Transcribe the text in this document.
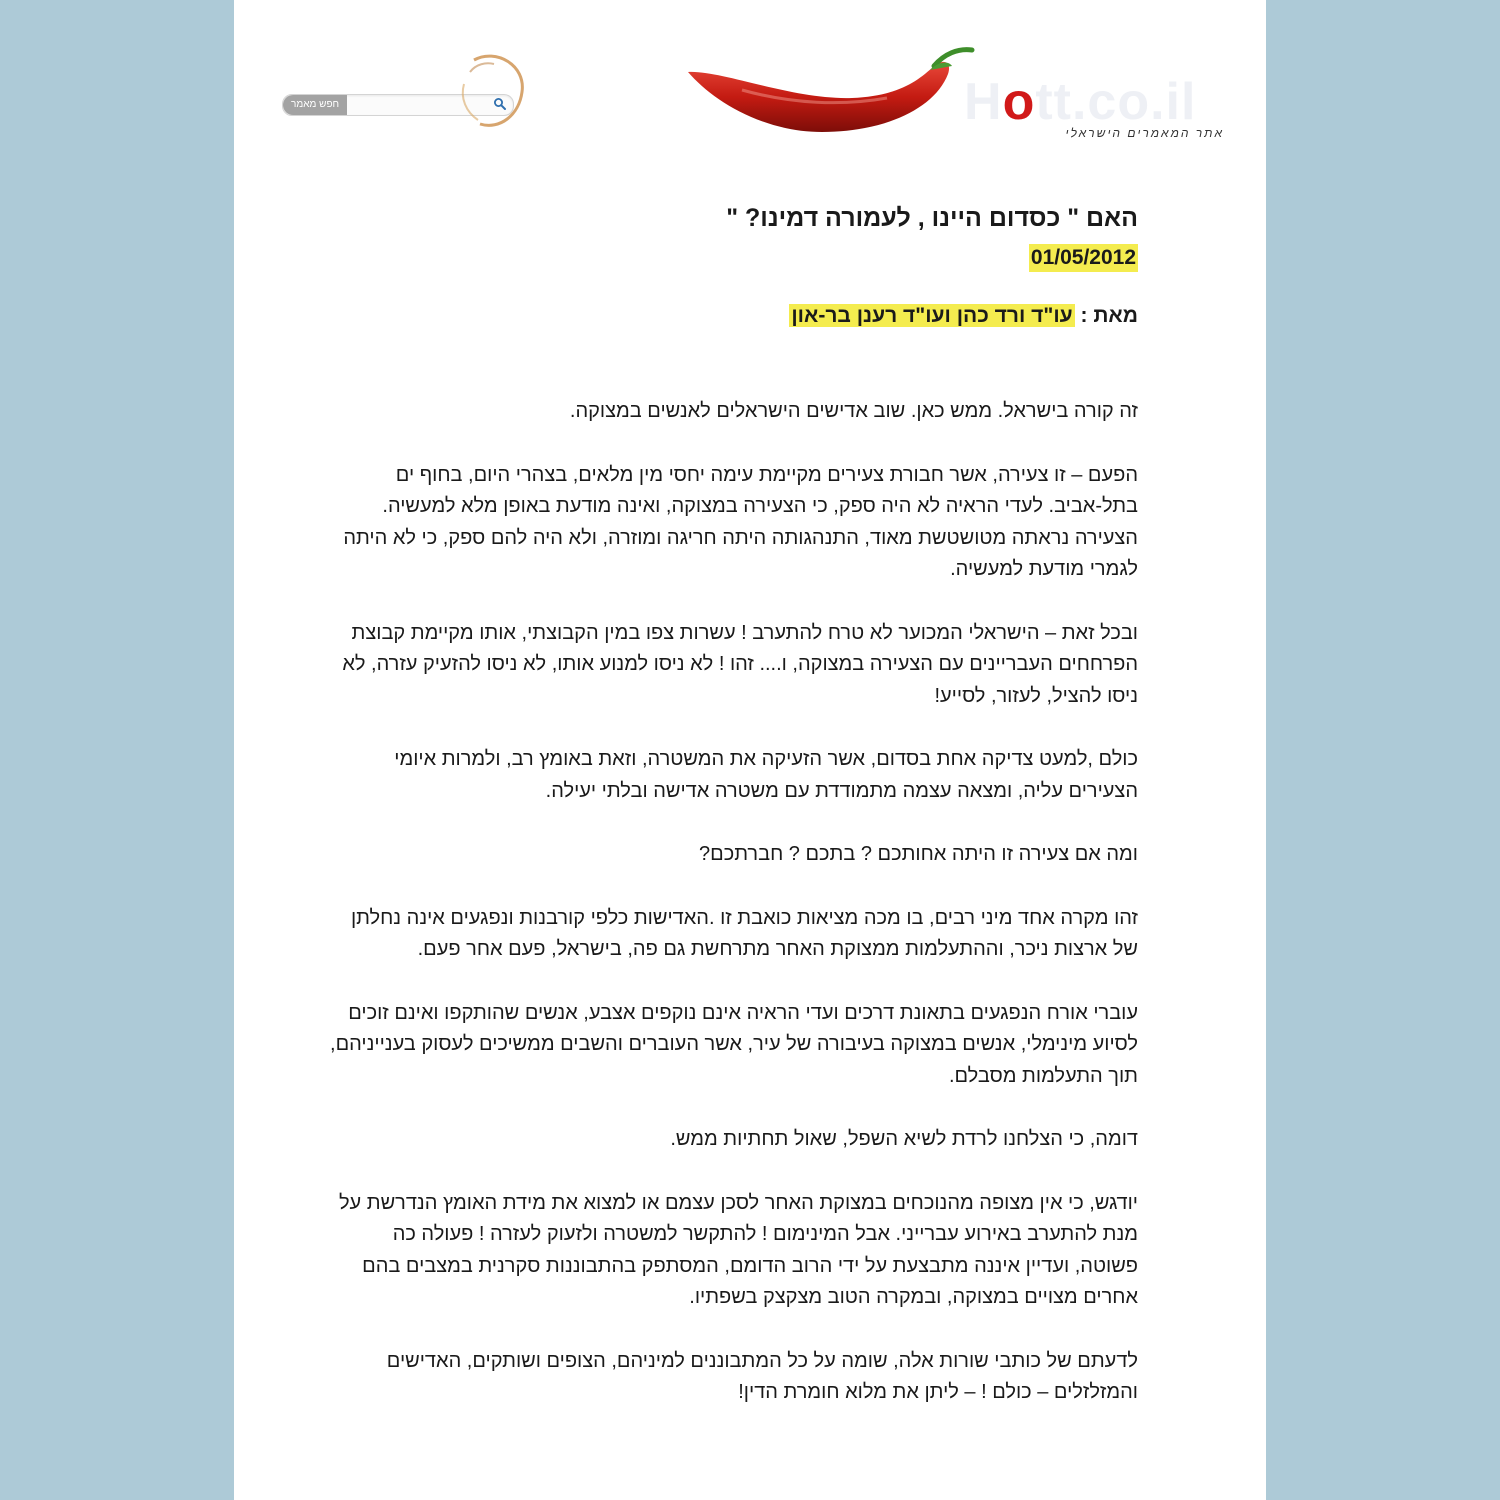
חפש מאמר	Hott.co.il
אתר המאמרים הישראלי
האם " כסדום היינו , לעמורה דמינו? "
01/05/2012
מאת : עו"ד ורד כהן ועו"ד רענן בר-און

זה קורה בישראל. ממש כאן. שוב אדישים הישראלים לאנשים במצוקה.

הפעם – זו צעירה, אשר חבורת צעירים מקיימת עימה יחסי מין מלאים, בצהרי היום, בחוף ים בתל-אביב. לעדי הראיה לא היה ספק, כי הצעירה במצוקה, ואינה מודעת באופן מלא למעשיה. הצעירה נראתה מטושטשת מאוד, התנהגותה היתה חריגה ומוזרה, ולא היה להם ספק, כי לא היתה לגמרי מודעת למעשיה.

ובכל זאת – הישראלי המכוער לא טרח להתערב ! עשרות צפו במין הקבוצתי, אותו מקיימת קבוצת הפרחחים העבריינים עם הצעירה במצוקה, ו.... זהו ! לא ניסו למנוע אותו, לא ניסו להזעיק עזרה, לא ניסו להציל, לעזור, לסייע!

כולם ,למעט צדיקה אחת בסדום, אשר הזעיקה את המשטרה, וזאת באומץ רב, ולמרות איומי הצעירים עליה, ומצאה עצמה מתמודדת עם משטרה אדישה ובלתי יעילה.

ומה אם צעירה זו היתה אחותכם ? בתכם ? חברתכם?

זהו מקרה אחד מיני רבים, בו מכה מציאות כואבת זו .האדישות כלפי קורבנות ונפגעים אינה נחלתן של ארצות ניכר, וההתעלמות ממצוקת האחר מתרחשת גם פה, בישראל, פעם אחר פעם.

עוברי אורח הנפגעים בתאונת דרכים ועדי הראיה אינם נוקפים אצבע, אנשים שהותקפו ואינם זוכים לסיוע מינימלי, אנשים במצוקה בעיבורה של עיר, אשר העוברים והשבים ממשיכים לעסוק בענייניהם, תוך התעלמות מסבלם.

דומה, כי הצלחנו לרדת לשיא השפל, שאול תחתיות ממש.

יודגש, כי אין מצופה מהנוכחים במצוקת האחר לסכן עצמם או למצוא את מידת האומץ הנדרשת על מנת להתערב באירוע עברייני. אבל המינימום ! להתקשר למשטרה ולזעוק לעזרה ! פעולה כה פשוטה, ועדיין איננה מתבצעת על ידי הרוב הדומם, המסתפק בהתבוננות סקרנית במצבים בהם אחרים מצויים במצוקה, ובמקרה הטוב מצקצק בשפתיו.

לדעתם של כותבי שורות אלה, שומה על כל המתבוננים למיניהם, הצופים ושותקים, האדישים והמזלזלים – כולם ! – ליתן את מלוא חומרת הדין!
